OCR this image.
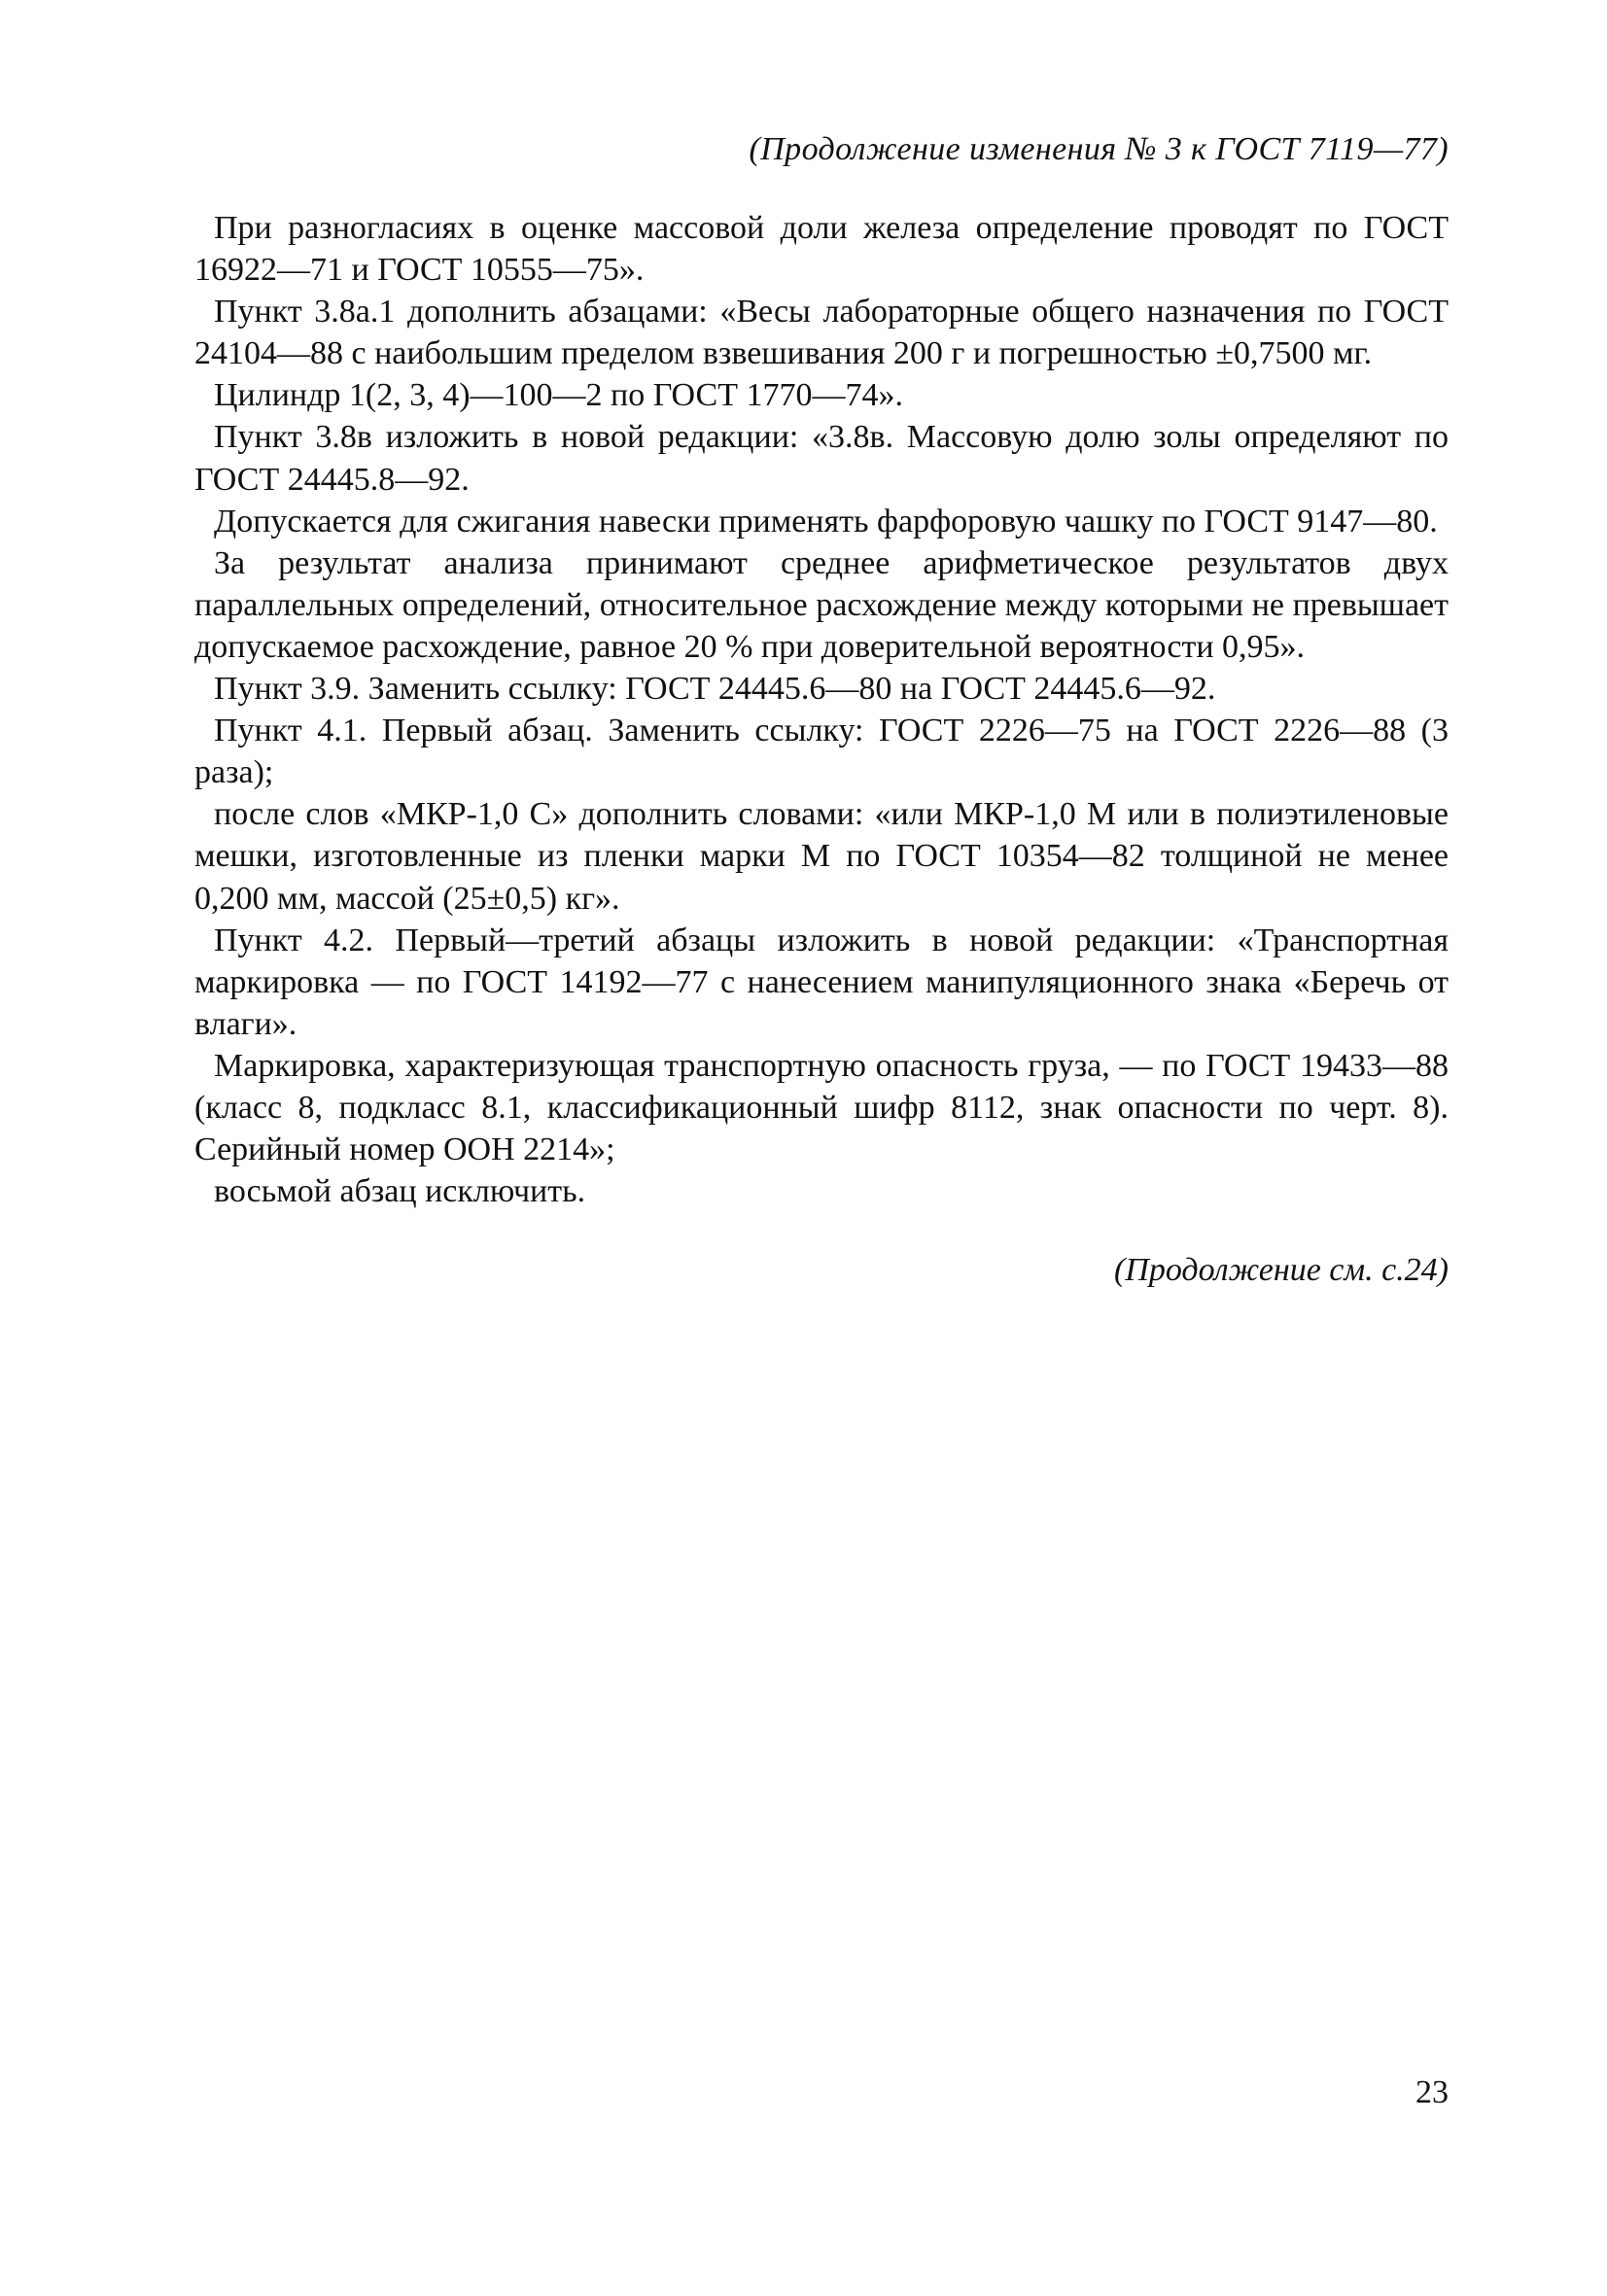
(Продолжение изменения № 3 к ГОСТ 7119—77)

При разногласиях в оценке массовой доли железа определение проводят по ГОСТ 16922—71 и ГОСТ 10555—75».

Пункт 3.8а.1 дополнить абзацами: «Весы лабораторные общего назначения по ГОСТ 24104—88 с наибольшим пределом взвешивания 200 г и погрешностью ±0,7500 мг.

Цилиндр 1(2, 3, 4)—100—2 по ГОСТ 1770—74».

Пункт 3.8в изложить в новой редакции: «3.8в. Массовую долю золы определяют по ГОСТ 24445.8—92.

Допускается для сжигания навески применять фарфоровую чашку по ГОСТ 9147—80.

За результат анализа принимают среднее арифметическое результатов двух параллельных определений, относительное расхождение между которыми не превышает допускаемое расхождение, равное 20 % при доверительной вероятности 0,95».

Пункт 3.9. Заменить ссылку: ГОСТ 24445.6—80 на ГОСТ 24445.6—92.

Пункт 4.1. Первый абзац. Заменить ссылку: ГОСТ 2226—75 на ГОСТ 2226—88 (3 раза);

после слов «МКР-1,0 С» дополнить словами: «или МКР-1,0 М или в полиэтиленовые мешки, изготовленные из пленки марки М по ГОСТ 10354—82 толщиной не менее 0,200 мм, массой (25±0,5) кг».

Пункт 4.2. Первый—третий абзацы изложить в новой редакции: «Транспортная маркировка — по ГОСТ 14192—77 с нанесением манипуляционного знака «Беречь от влаги».

Маркировка, характеризующая транспортную опасность груза, — по ГОСТ 19433—88 (класс 8, подкласс 8.1, классификационный шифр 8112, знак опасности по черт. 8). Серийный номер ООН 2214»;

восьмой абзац исключить.

(Продолжение см. с.24)
23
